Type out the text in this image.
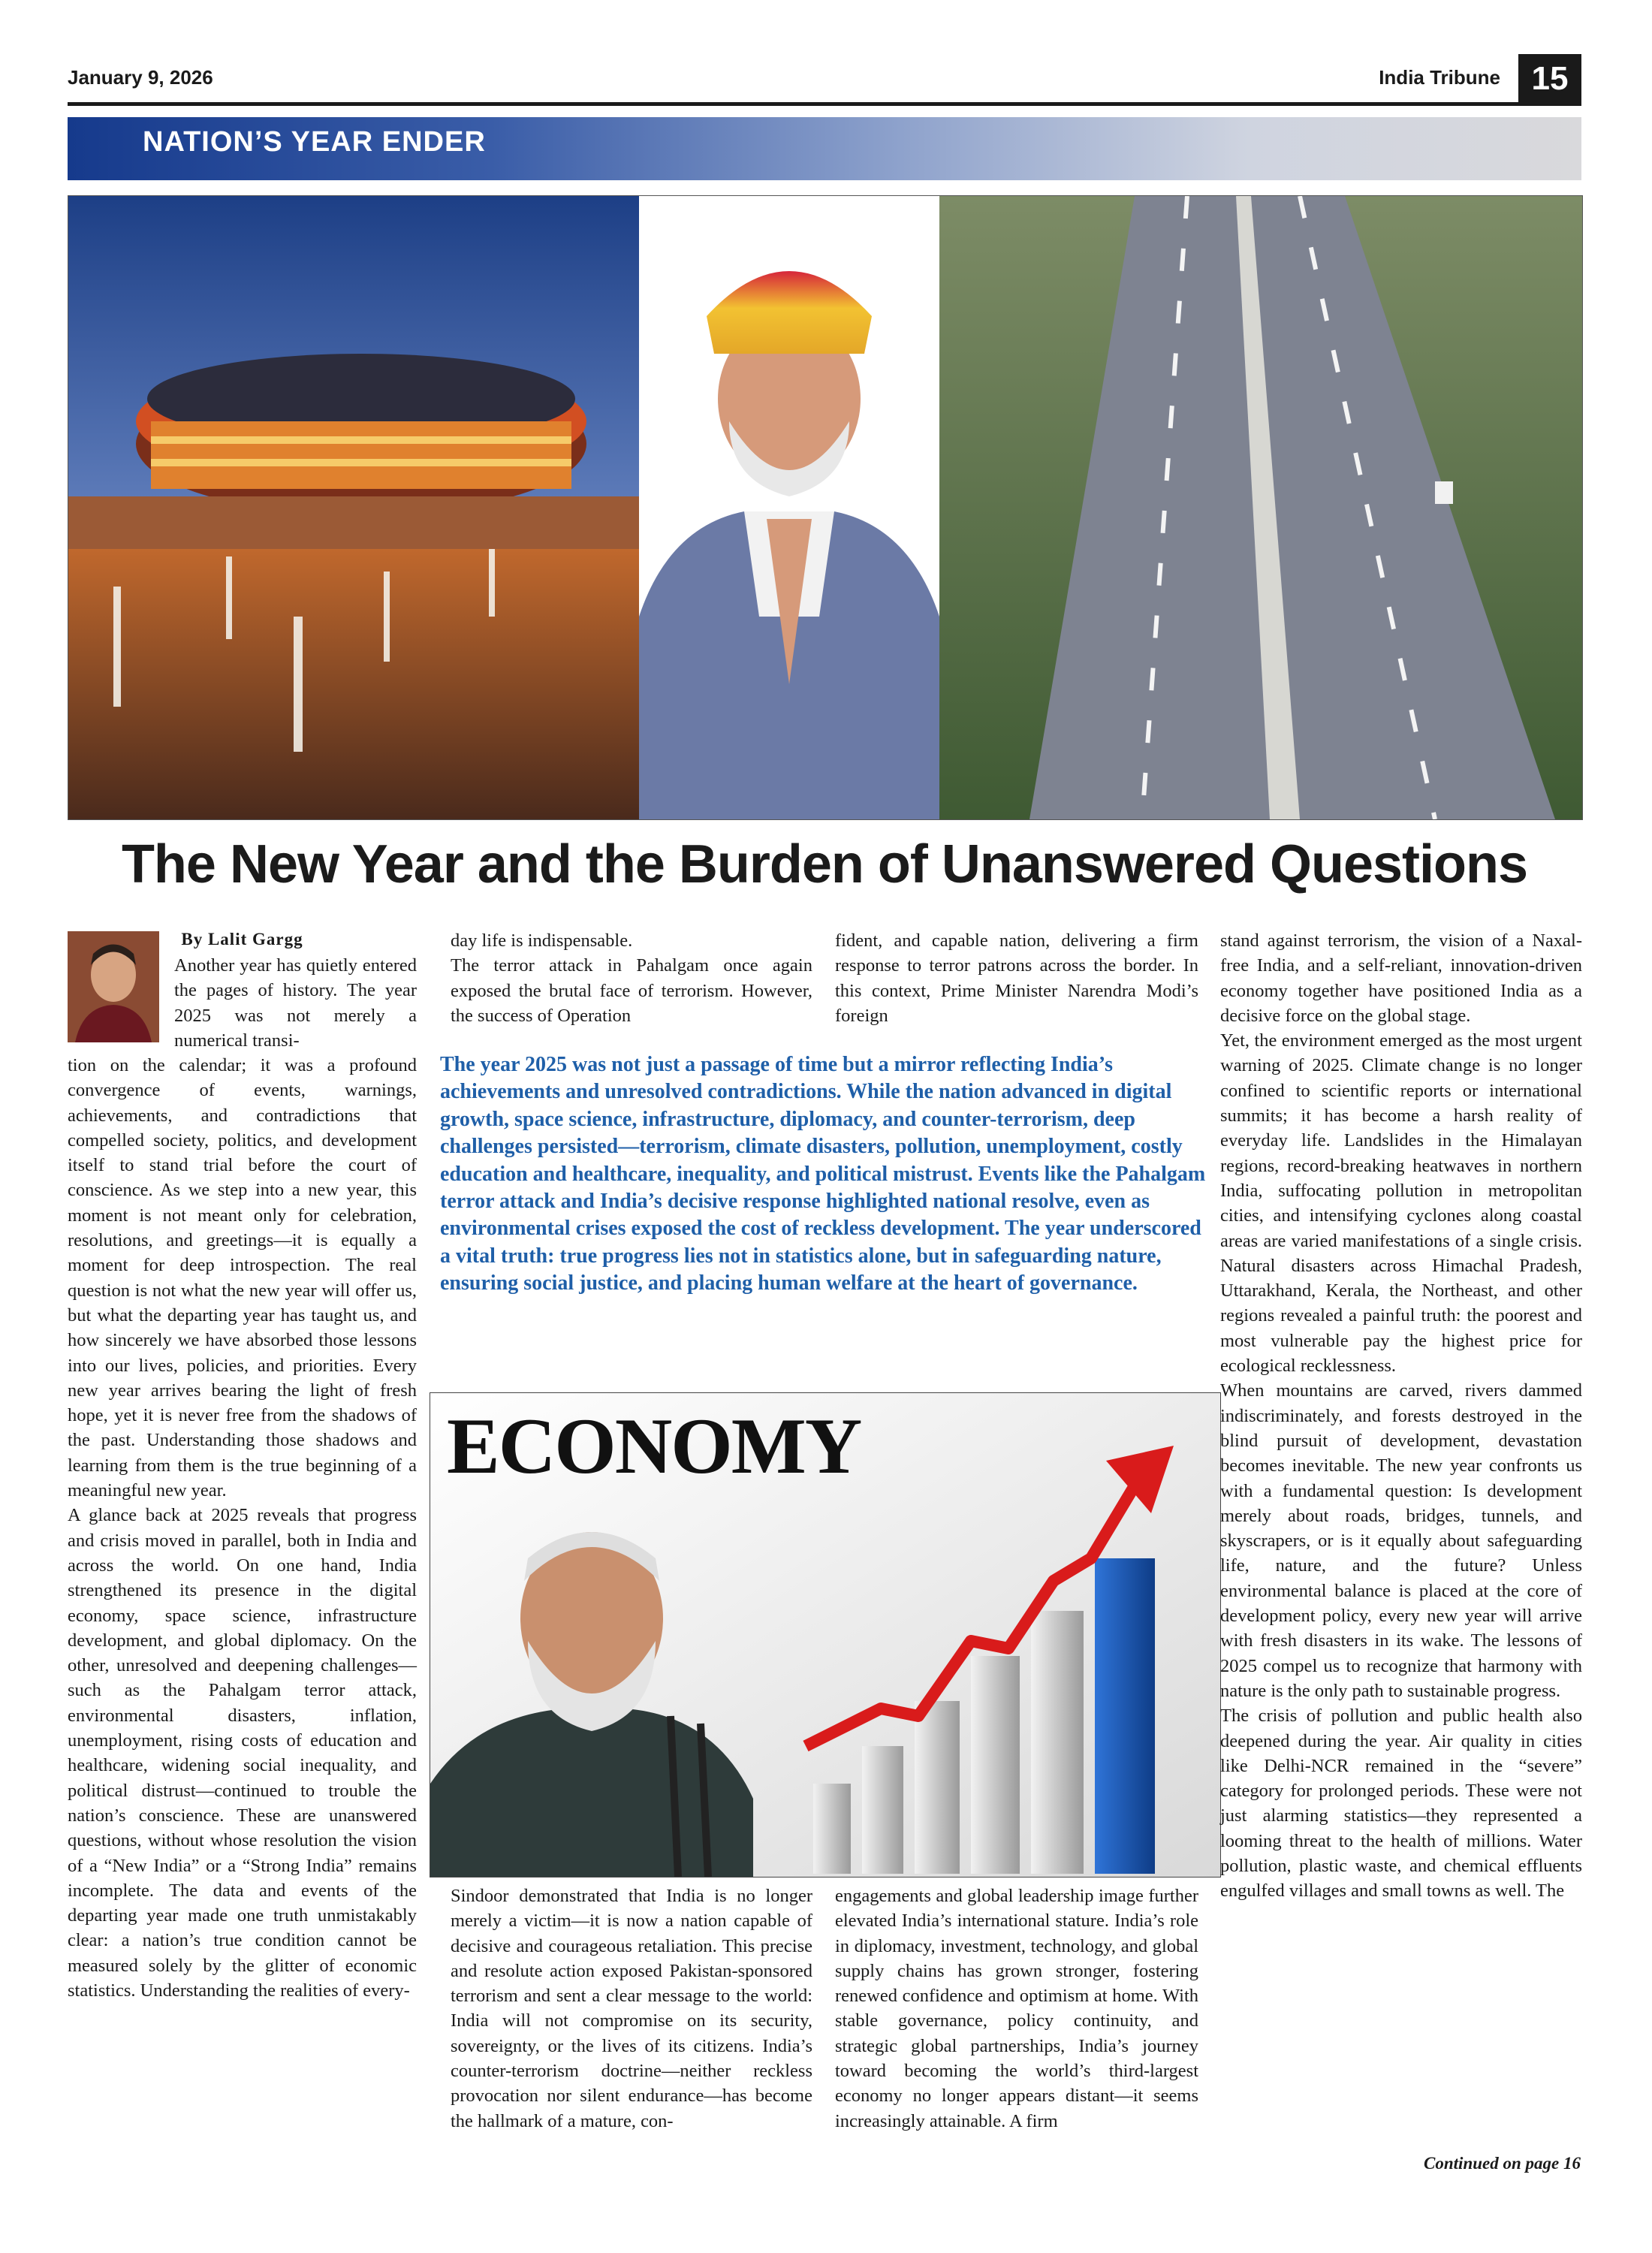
January 9, 2026	India Tribune 15
NATION’S YEAR ENDER
The New Year and the Burden of Unanswered Questions
By Lalit Gargg
Another year has quietly entered the pages of history. The year 2025 was not merely a numerical transi-

tion on the calendar; it was a profound convergence of events, warnings, achievements, and contradictions that compelled society, politics, and development itself to stand trial before the court of conscience. As we step into a new year, this moment is not meant only for celebration, resolutions, and greetings—it is equally a moment for deep introspection. The real question is not what the new year will offer us, but what the departing year has taught us, and how sincerely we have absorbed those lessons into our lives, policies, and priorities. Every new year arrives bearing the light of fresh hope, yet it is never free from the shadows of the past. Understanding those shadows and learning from them is the true beginning of a meaningful new year.

A glance back at 2025 reveals that progress and crisis moved in parallel, both in India and across the world. On one hand, India strengthened its presence in the digital economy, space science, infrastructure development, and global diplomacy. On the other, unresolved and deepening challenges—such as the Pahalgam terror attack, environmental disasters, inflation, unemployment, rising costs of education and healthcare, widening social inequality, and political distrust—continued to trouble the nation’s conscience. These are unanswered questions, without whose resolution the vision of a “New India” or a “Strong India” remains incomplete. The data and events of the departing year made one truth unmistakably clear: a nation’s true condition cannot be measured solely by the glitter of economic statistics. Understanding the realities of every-

day life is indispensable.

The terror attack in Pahalgam once again exposed the brutal face of terrorism. However, the success of Operation

fident, and capable nation, delivering a firm response to terror patrons across the border. In this context, Prime Minister Narendra Modi’s foreign
The year 2025 was not just a passage of time but a mirror reflecting India’s achievements and unresolved contradictions. While the nation advanced in digital growth, space science, infrastructure, diplomacy, and counter-terrorism, deep challenges persisted—terrorism, climate disasters, pollution, unemployment, costly education and healthcare, inequality, and political mistrust. Events like the Pahalgam terror attack and India’s decisive response highlighted national resolve, even as environmental crises exposed the cost of reckless development. The year underscored a vital truth: true progress lies not in statistics alone, but in safeguarding nature, ensuring social justice, and placing human welfare at the heart of governance.
ECONOMY
Sindoor demonstrated that India is no longer merely a victim—it is now a nation capable of decisive and courageous retaliation. This precise and resolute action exposed Pakistan-sponsored terrorism and sent a clear message to the world: India will not compromise on its security, sovereignty, or the lives of its citizens. India’s counter-terrorism doctrine—neither reckless provocation nor silent endurance—has become the hallmark of a mature, con-
engagements and global leadership image further elevated India’s international stature. India’s role in diplomacy, investment, technology, and global supply chains has grown stronger, fostering renewed confidence and optimism at home. With stable governance, policy continuity, and strategic global partnerships, India’s journey toward becoming the world’s third-largest economy no longer appears distant—it seems increasingly attainable. A firm

stand against terrorism, the vision of a Naxal-free India, and a self-reliant, innovation-driven economy together have positioned India as a decisive force on the global stage.

Yet, the environment emerged as the most urgent warning of 2025. Climate change is no longer confined to scientific reports or international summits; it has become a harsh reality of everyday life. Landslides in the Himalayan regions, record-breaking heatwaves in northern India, suffocating pollution in metropolitan cities, and intensifying cyclones along coastal areas are varied manifestations of a single crisis. Natural disasters across Himachal Pradesh, Uttarakhand, Kerala, the Northeast, and other regions revealed a painful truth: the poorest and most vulnerable pay the highest price for ecological recklessness.

When mountains are carved, rivers dammed indiscriminately, and forests destroyed in the blind pursuit of development, devastation becomes inevitable. The new year confronts us with a fundamental question: Is development merely about roads, bridges, tunnels, and skyscrapers, or is it equally about safeguarding life, nature, and the future? Unless environmental balance is placed at the core of development policy, every new year will arrive with fresh disasters in its wake. The lessons of 2025 compel us to recognize that harmony with nature is the only path to sustainable progress.

The crisis of pollution and public health also deepened during the year. Air quality in cities like Delhi-NCR remained in the “severe” category for prolonged periods. These were not just alarming statistics—they represented a looming threat to the health of millions. Water pollution, plastic waste, and chemical effluents engulfed villages and small towns as well. The

Continued on page 16
